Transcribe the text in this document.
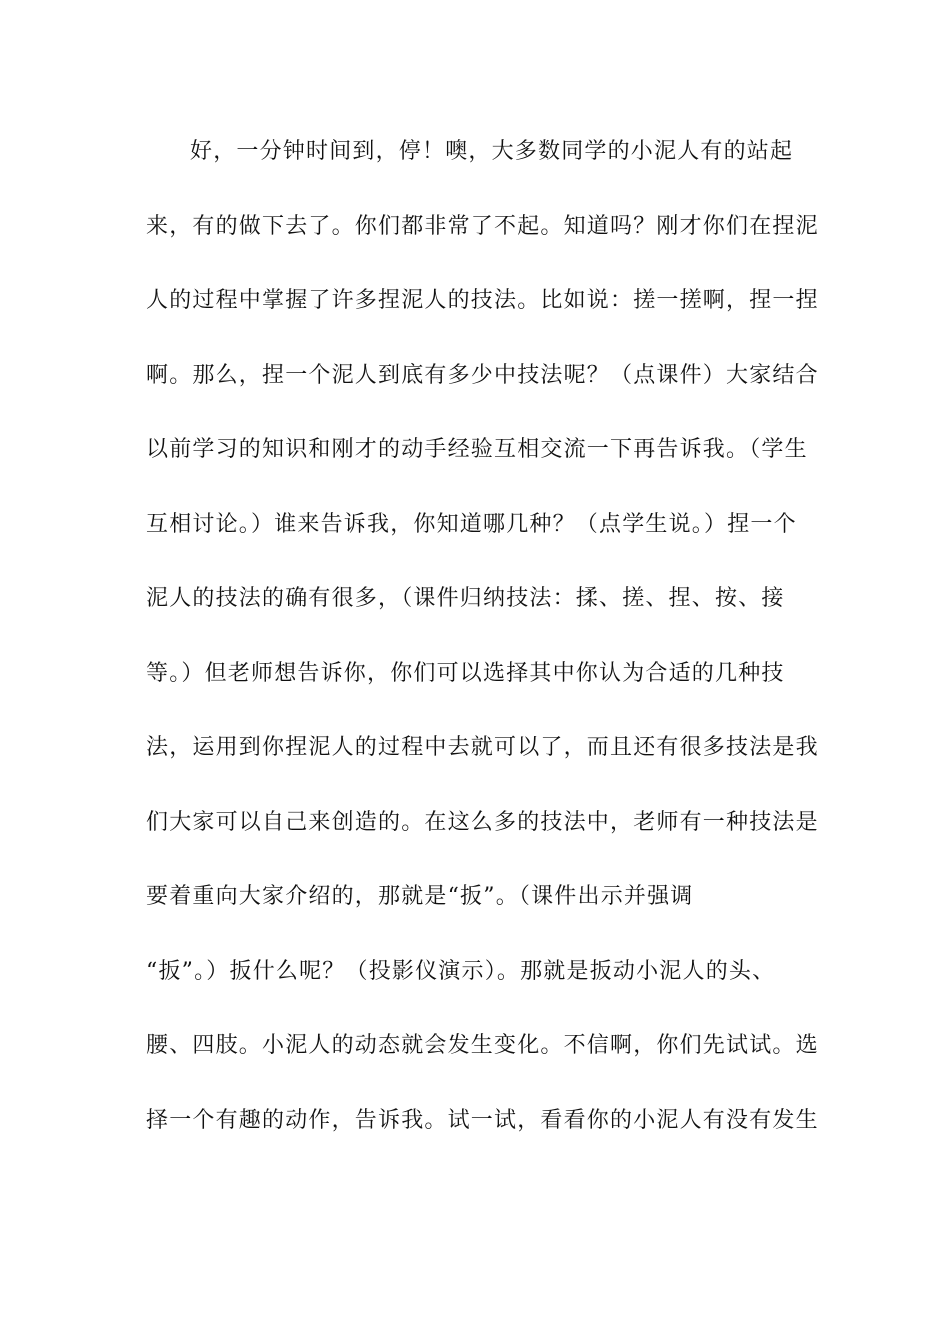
好，一分钟时间到，停！噢，大多数同学的小泥人有的站起
来，有的做下去了。你们都非常了不起。知道吗？刚才你们在捏泥
人的过程中掌握了许多捏泥人的技法。比如说：搓一搓啊，捏一捏
啊。那么，捏一个泥人到底有多少中技法呢？（点课件）大家结合
以前学习的知识和刚才的动手经验互相交流一下再告诉我。（学生
互相讨论。）谁来告诉我，你知道哪几种？（点学生说。）捏一个
泥人的技法的确有很多，（课件归纳技法：揉、搓、捏、按、接
等。）但老师想告诉你，你们可以选择其中你认为合适的几种技
法，运用到你捏泥人的过程中去就可以了，而且还有很多技法是我
们大家可以自己来创造的。在这么多的技法中，老师有一种技法是
要着重向大家介绍的，那就是“扳”。（课件出示并强调
“扳”。）扳什么呢？（投影仪演示）。那就是扳动小泥人的头、
腰、四肢。小泥人的动态就会发生变化。不信啊，你们先试试。选
择一个有趣的动作，告诉我。试一试，看看你的小泥人有没有发生
